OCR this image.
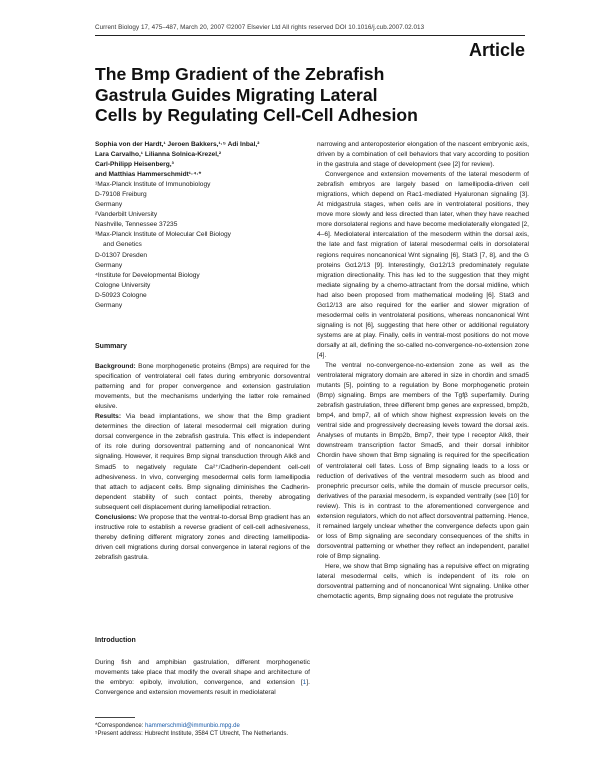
Current Biology 17, 475–487, March 20, 2007 ©2007 Elsevier Ltd All rights reserved DOI 10.1016/j.cub.2007.02.013
Article
The Bmp Gradient of the Zebrafish
Gastrula Guides Migrating Lateral
Cells by Regulating Cell-Cell Adhesion
Sophia von der Hardt,¹ Jeroen Bakkers,¹·⁵ Adi Inbal,²
Lara Carvalho,¹ Lilianna Solnica-Krezel,²
Carl-Philipp Heisenberg,³
and Matthias Hammerschmidt¹·⁴·*

¹Max-Planck Institute of Immunobiology

D-79108 Freiburg

Germany

²Vanderbilt University

Nashville, Tennessee 37235

³Max-Planck Institute of Molecular Cell Biology

and Genetics

D-01307 Dresden

Germany

⁴Institute for Developmental Biology

Cologne University

D-50923 Cologne

Germany

Summary

Background: Bone morphogenetic proteins (Bmps) are required for the specification of ventrolateral cell fates during embryonic dorsoventral patterning and for proper convergence and extension gastrulation movements, but the mechanisms underlying the latter role remained elusive.

Results: Via bead implantations, we show that the Bmp gradient determines the direction of lateral mesodermal cell migration during dorsal convergence in the zebrafish gastrula. This effect is independent of its role during dorsoventral patterning and of noncanonical Wnt signaling. However, it requires Bmp signal transduction through Alk8 and Smad5 to negatively regulate Ca²⁺/Cadherin-dependent cell-cell adhesiveness. In vivo, converging mesodermal cells form lamellipodia that attach to adjacent cells. Bmp signaling diminishes the Cadherin-dependent stability of such contact points, thereby abrogating subsequent cell displacement during lamellipodial retraction.

Conclusions: We propose that the ventral-to-dorsal Bmp gradient has an instructive role to establish a reverse gradient of cell-cell adhesiveness, thereby defining different migratory zones and directing lamellipodia-driven cell migrations during dorsal convergence in lateral regions of the zebrafish gastrula.

Introduction

During fish and amphibian gastrulation, different morphogenetic movements take place that modify the overall shape and architecture of the embryo: epiboly, involution, convergence, and extension [1]. Convergence and extension movements result in mediolateral

*Correspondence: hammerschmid@immunbio.mpg.de

⁵Present address: Hubrecht Institute, 3584 CT Utrecht, The Netherlands.

narrowing and anteroposterior elongation of the nascent embryonic axis, driven by a combination of cell behaviors that vary according to position in the gastrula and stage of development (see [2] for review).

Convergence and extension movements of the lateral mesoderm of zebrafish embryos are largely based on lamellipodia-driven cell migrations, which depend on Rac1-mediated Hyaluronan signaling [3]. At midgastrula stages, when cells are in ventrolateral positions, they move more slowly and less directed than later, when they have reached more dorsolateral regions and have become mediolaterally elongated [2, 4–6]. Mediolateral intercalation of the mesoderm within the dorsal axis, the late and fast migration of lateral mesodermal cells in dorsolateral regions requires noncanonical Wnt signaling [6], Stat3 [7, 8], and the G proteins Gα12/13 [9]. Interestingly, Gα12/13 predominately regulate migration directionality. This has led to the suggestion that they might mediate signaling by a chemo-attractant from the dorsal midline, which had also been proposed from mathematical modeling [6]. Stat3 and Gα12/13 are also required for the earlier and slower migration of mesodermal cells in ventrolateral positions, whereas noncanonical Wnt signaling is not [6], suggesting that here other or additional regulatory systems are at play. Finally, cells in ventral-most positions do not move dorsally at all, defining the so-called no-convergence-no-extension zone [4].

The ventral no-convergence-no-extension zone as well as the ventrolateral migratory domain are altered in size in chordin and smad5 mutants [5], pointing to a regulation by Bone morphogenetic protein (Bmp) signaling. Bmps are members of the Tgfβ superfamily. During zebrafish gastrulation, three different bmp genes are expressed, bmp2b, bmp4, and bmp7, all of which show highest expression levels on the ventral side and progressively decreasing levels toward the dorsal axis. Analyses of mutants in Bmp2b, Bmp7, their type I receptor Alk8, their downstream transcription factor Smad5, and their dorsal inhibitor Chordin have shown that Bmp signaling is required for the specification of ventrolateral cell fates. Loss of Bmp signaling leads to a loss or reduction of derivatives of the ventral mesoderm such as blood and pronephric precursor cells, while the domain of muscle precursor cells, derivatives of the paraxial mesoderm, is expanded ventrally (see [10] for review). This is in contrast to the aforementioned convergence and extension regulators, which do not affect dorsoventral patterning. Hence, it remained largely unclear whether the convergence defects upon gain or loss of Bmp signaling are secondary consequences of the shifts in dorsoventral patterning or whether they reflect an independent, parallel role of Bmp signaling.

Here, we show that Bmp signaling has a repulsive effect on migrating lateral mesodermal cells, which is independent of its role on dorsoventral patterning and of noncanonical Wnt signaling. Unlike other chemotactic agents, Bmp signaling does not regulate the protrusive
